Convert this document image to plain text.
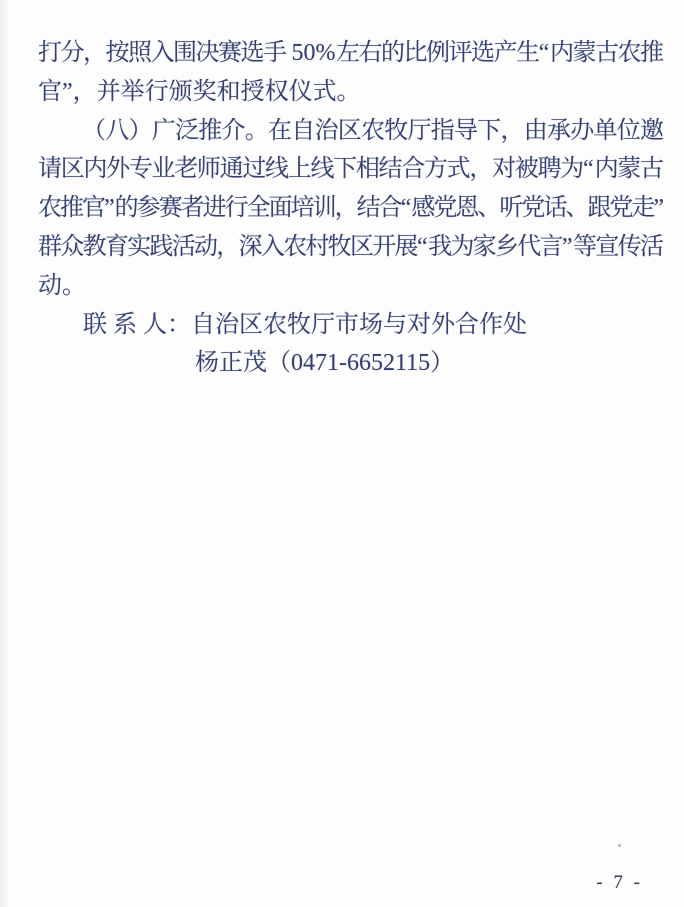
打
分
，
按
照
入
围
决
赛
选
手
50% 左
右
的
比
例
评
选
产
生
“ 内
蒙
古
农
推
官”，并举行颁奖和授权仪式。
（ 八 ） 广 泛 推 介 。 在 自 治 区 农 牧 厅 指 导 下 ， 由 承 办 单 位 邀
请
区
内
外
专
业
老
师
通
过
线
上
线
下
相
结
合
方
式
，
对
被
聘
为
“ 内
蒙
古
农
推
官
” 的
参
赛
者
进
行
全
面
培
训
，
结
合
“ 感
党
恩
、
听
党
话
、
跟
党
走
”
群
众
教
育
实
践
活
动
，
深
入
农
村
牧
区
开
展
“ 我
为
家
乡
代
言
” 等
宣
传
活
动。
联 系 人：自治区农牧厅市场与对外合作处
杨正茂（0471-6652115）
- 7 -
